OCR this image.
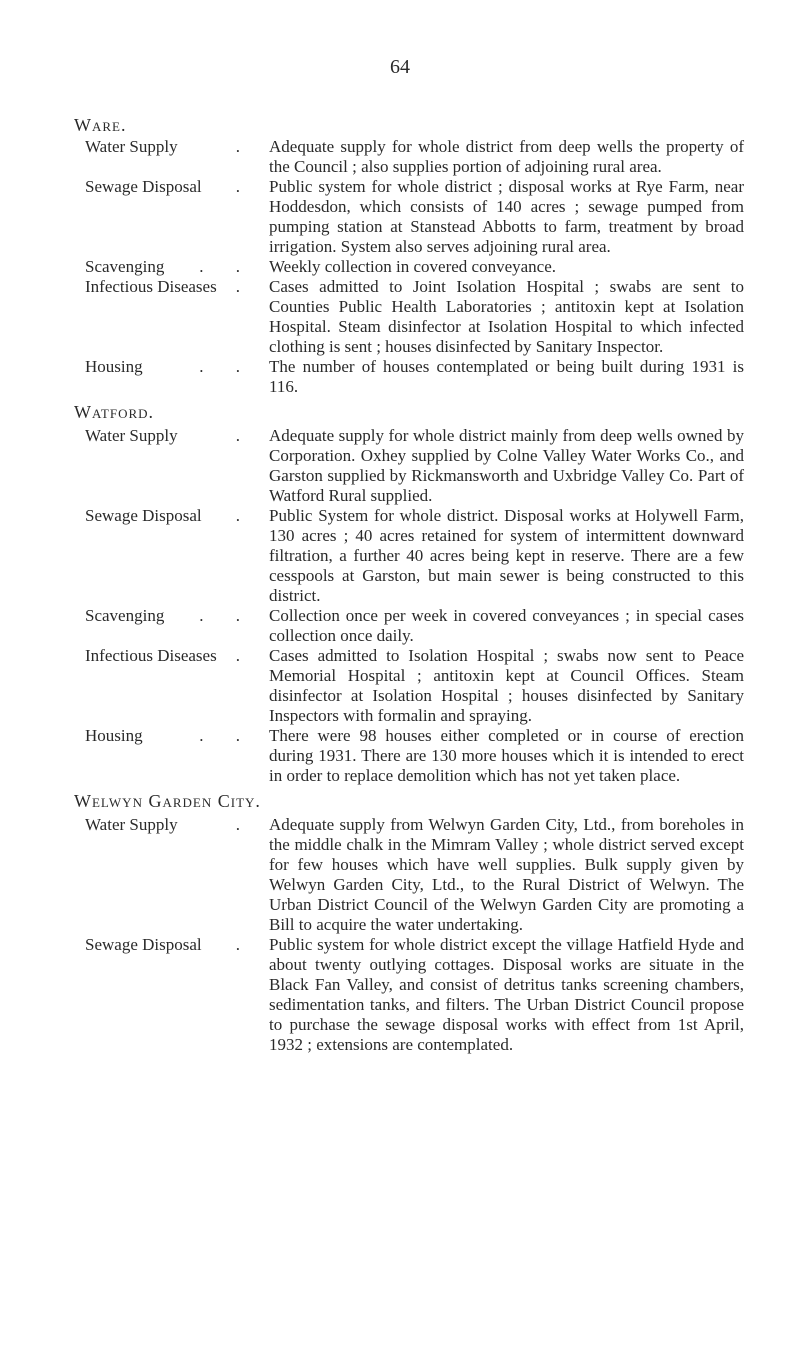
64
Ware.
Water Supply	. Adequate supply for whole district from deep wells the property of the Council ; also supplies portion of adjoining rural area.
Sewage Disposal . Public system for whole district ; disposal works at Rye Farm, near Hoddesdon, which consists of 140 acres ; sewage pumped from pumping station at Stanstead Abbotts to farm, treatment by broad irrigation. System also serves adjoining rural area.
Scavenging . . Weekly collection in covered conveyance.
Infectious Diseases . Cases admitted to Joint Isolation Hospital ; swabs are sent to Counties Public Health Laboratories ; antitoxin kept at Isolation Hospital. Steam disinfector at Isolation Hospital to which infected clothing is sent ; houses disinfected by Sanitary Inspector.
Housing	. . The number of houses contemplated or being built during 1931 is 116.
Watford.
Water Supply	. Adequate supply for whole district mainly from deep wells owned by Corporation. Oxhey supplied by Colne Valley Water Works Co., and Garston supplied by Rickmansworth and Uxbridge Valley Co. Part of Watford Rural supplied.
Sewage Disposal . Public System for whole district. Disposal works at Holywell Farm, 130 acres ; 40 acres retained for system of intermittent downward filtration, a further 40 acres being kept in reserve. There are a few cesspools at Garston, but main sewer is being constructed to this district.
Scavenging . . Collection once per week in covered conveyances ; in special cases collection once daily.
Infectious Diseases . Cases admitted to Isolation Hospital ; swabs now sent to Peace Memorial Hospital ; antitoxin kept at Council Offices. Steam disinfector at Isolation Hospital ; houses disinfected by Sanitary Inspectors with formalin and spraying.
Housing	. . There were 98 houses either completed or in course of erection during 1931. There are 130 more houses which it is intended to erect in order to replace demolition which has not yet taken place.
Welwyn Garden City.
Water Supply	. Adequate supply from Welwyn Garden City, Ltd., from boreholes in the middle chalk in the Mimram Valley ; whole district served except for few houses which have well supplies. Bulk supply given by Welwyn Garden City, Ltd., to the Rural District of Welwyn. The Urban District Council of the Welwyn Garden City are promoting a Bill to acquire the water undertaking.
Sewage Disposal . Public system for whole district except the village Hatfield Hyde and about twenty outlying cottages. Disposal works are situate in the Black Fan Valley, and consist of detritus tanks screening chambers, sedimentation tanks, and filters. The Urban District Council propose to purchase the sewage disposal works with effect from 1st April, 1932 ; extensions are contemplated.
